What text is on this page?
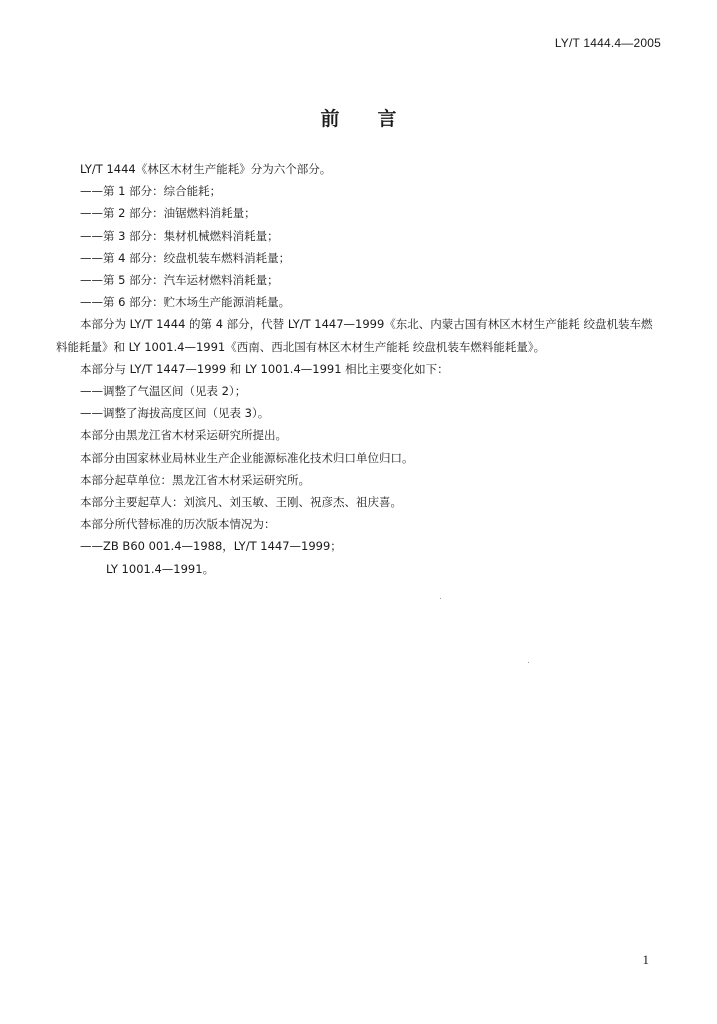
LY/T 1444.4—2005
前言

LY/T 1444《林区木材生产能耗》分为六个部分。

——第 1 部分：综合能耗；

——第 2 部分：油锯燃料消耗量；

——第 3 部分：集材机械燃料消耗量；

——第 4 部分：绞盘机装车燃料消耗量；

——第 5 部分：汽车运材燃料消耗量；

——第 6 部分：贮木场生产能源消耗量。

本部分为 LY/T 1444 的第 4 部分，代替 LY/T 1447—1999《东北、内蒙古国有林区木材生产能耗 绞盘机装车燃料能耗量》和 LY 1001.4—1991《西南、西北国有林区木材生产能耗 绞盘机装车燃料能耗量》。

本部分与 LY/T 1447—1999 和 LY 1001.4—1991 相比主要变化如下：

——调整了气温区间（见表 2）；

——调整了海拔高度区间（见表 3）。

本部分由黑龙江省木材采运研究所提出。

本部分由国家林业局林业生产企业能源标准化技术归口单位归口。

本部分起草单位：黑龙江省木材采运研究所。

本部分主要起草人：刘滨凡、刘玉敏、王刚、祝彦杰、祖庆喜。

本部分所代替标准的历次版本情况为：

——ZB B60 001.4—1988，LY/T 1447—1999；

LY 1001.4—1991。

1
